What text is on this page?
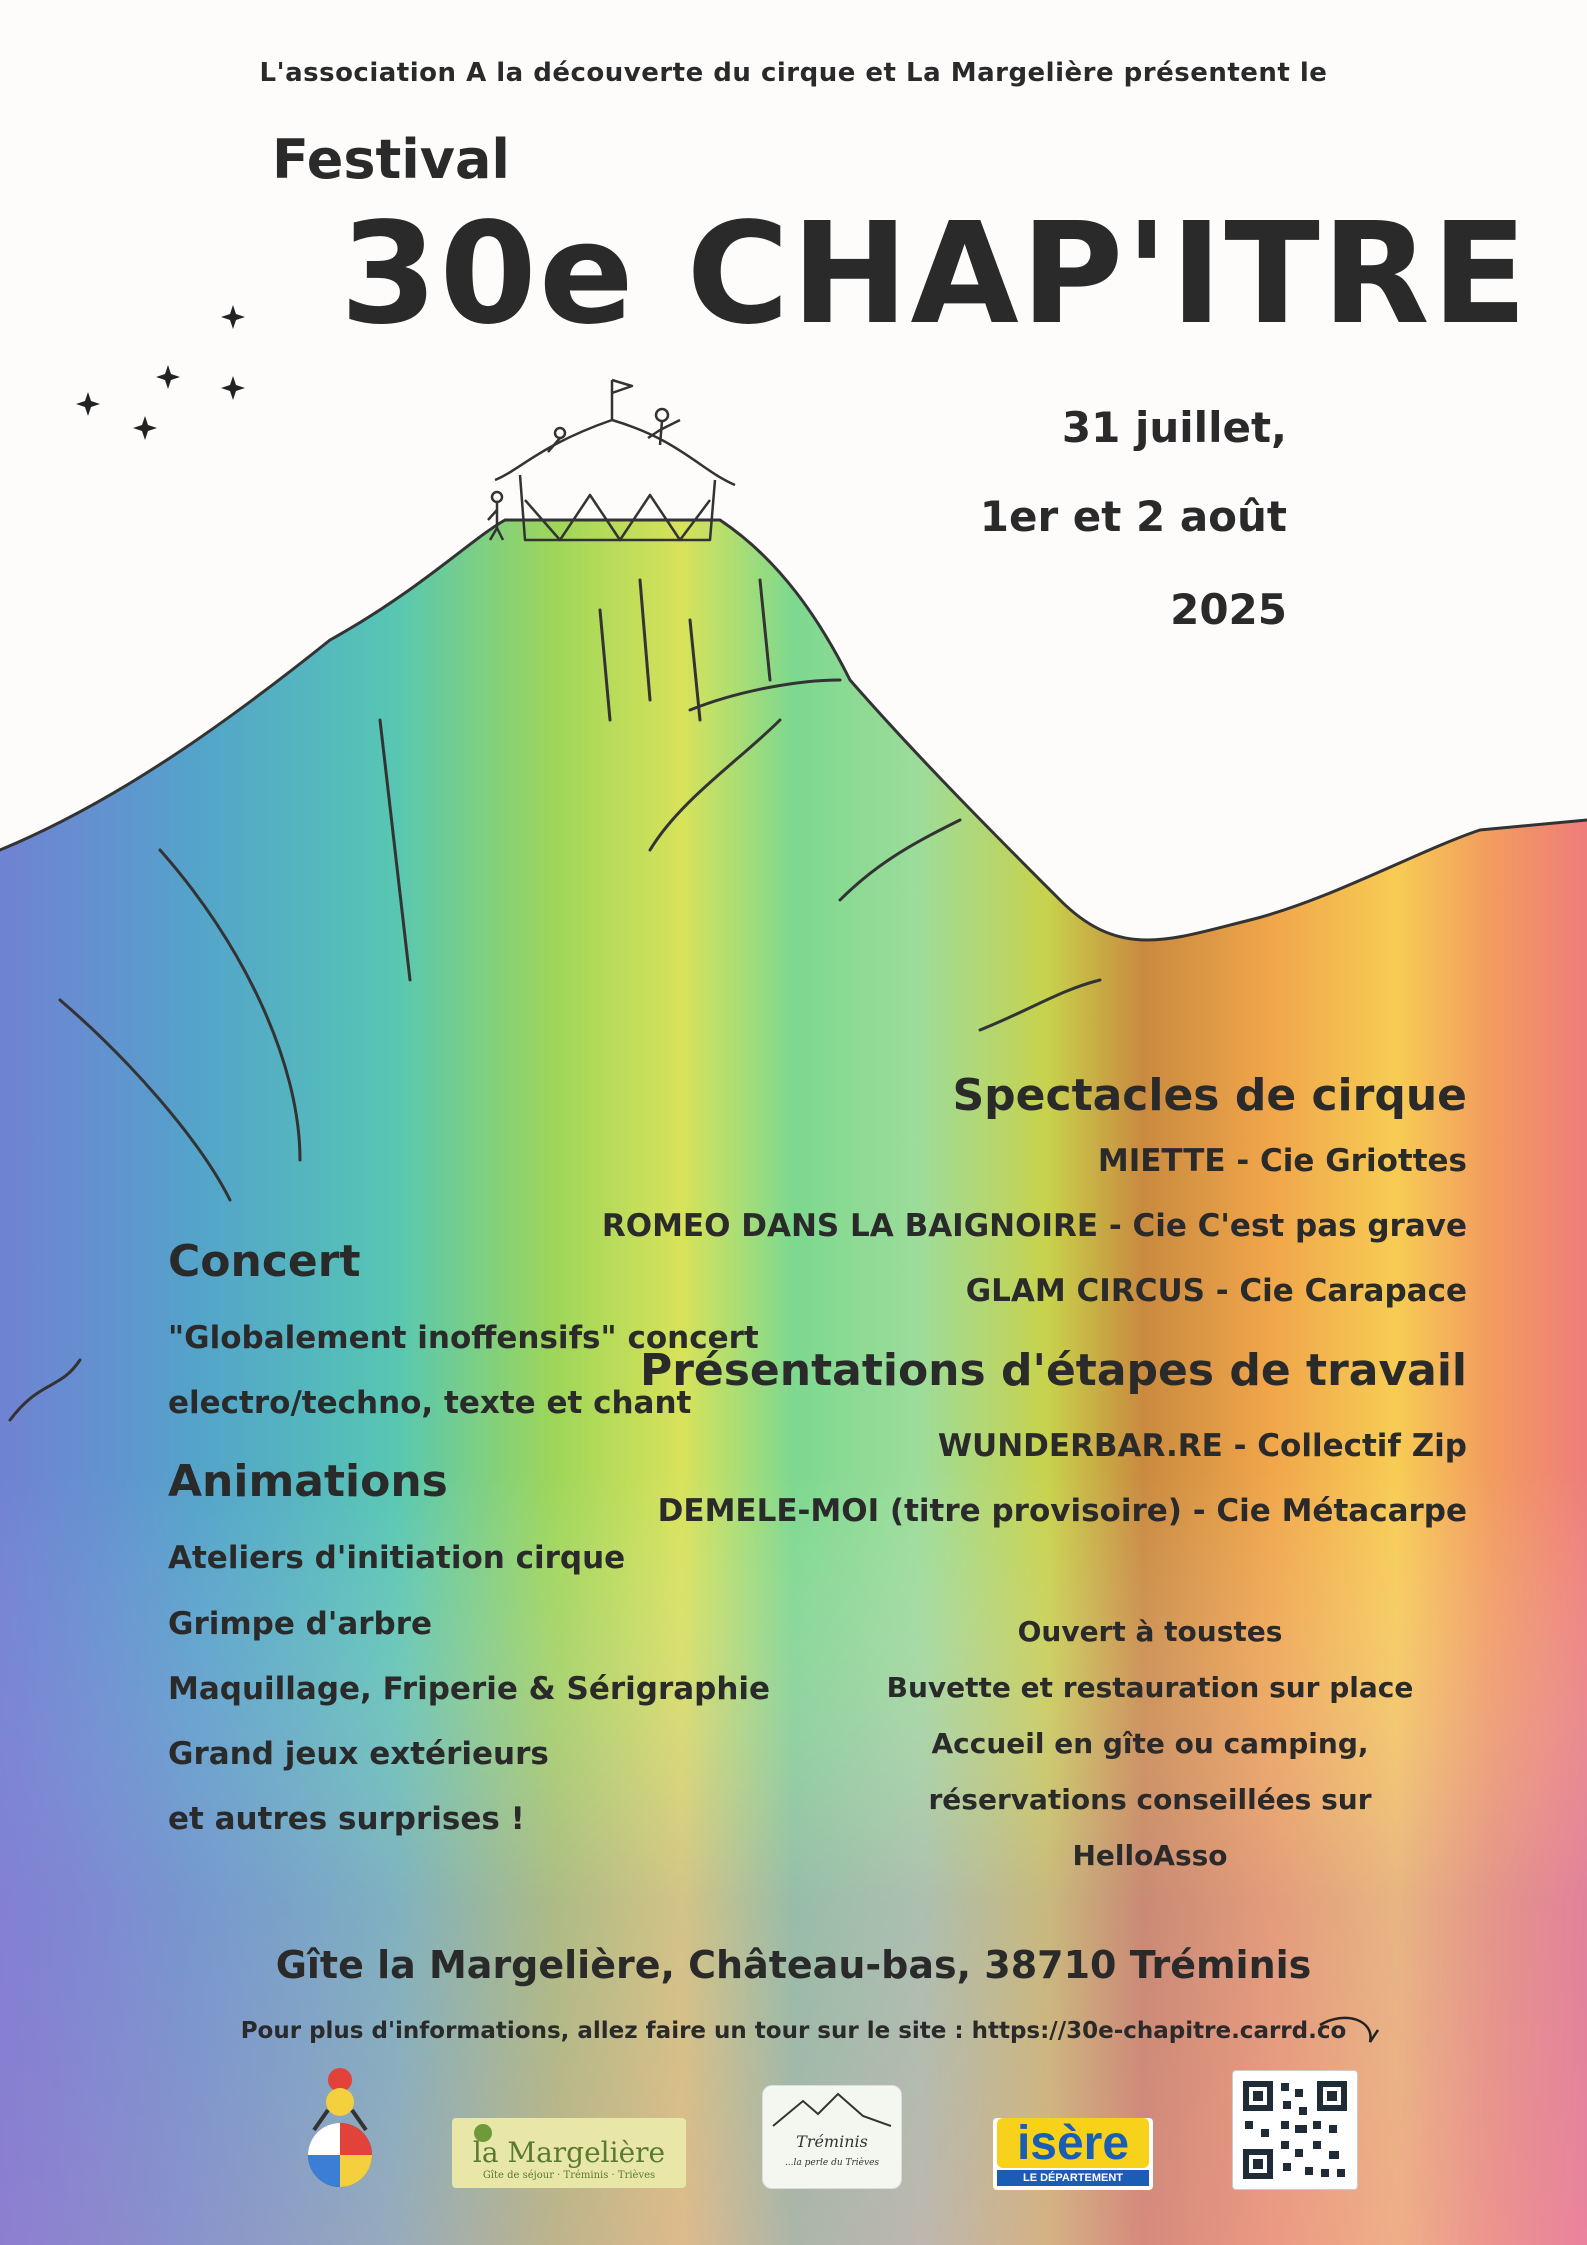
L'association A la découverte du cirque et La Margelière présentent le
Festival
30e CHAP'ITRE
31 juillet,
1er et 2 août
2025
Spectacles de cirque
MIETTE - Cie Griottes
ROMEO DANS LA BAIGNOIRE - Cie C'est pas grave
GLAM CIRCUS - Cie Carapace
Présentations d'étapes de travail
WUNDERBAR.RE - Collectif Zip
DEMELE-MOI (titre provisoire) - Cie Métacarpe
Concert
"Globalement inoffensifs" concert
electro/techno, texte et chant
Animations
Ateliers d'initiation cirque
Grimpe d'arbre
Maquillage, Friperie & Sérigraphie
Grand jeux extérieurs
et autres surprises !
Ouvert à toustes
Buvette et restauration sur place
Accueil en gîte ou camping,
réservations conseillées sur
HelloAsso
Gîte la Margelière, Château-bas, 38710 Tréminis
Pour plus d'informations, allez faire un tour sur le site : https://30e-chapitre.carrd.co
la Margelière
Gîte de séjour · Tréminis · Trièves
Tréminis
...la perle du Trièves	isère
LE DÉPARTEMENT
